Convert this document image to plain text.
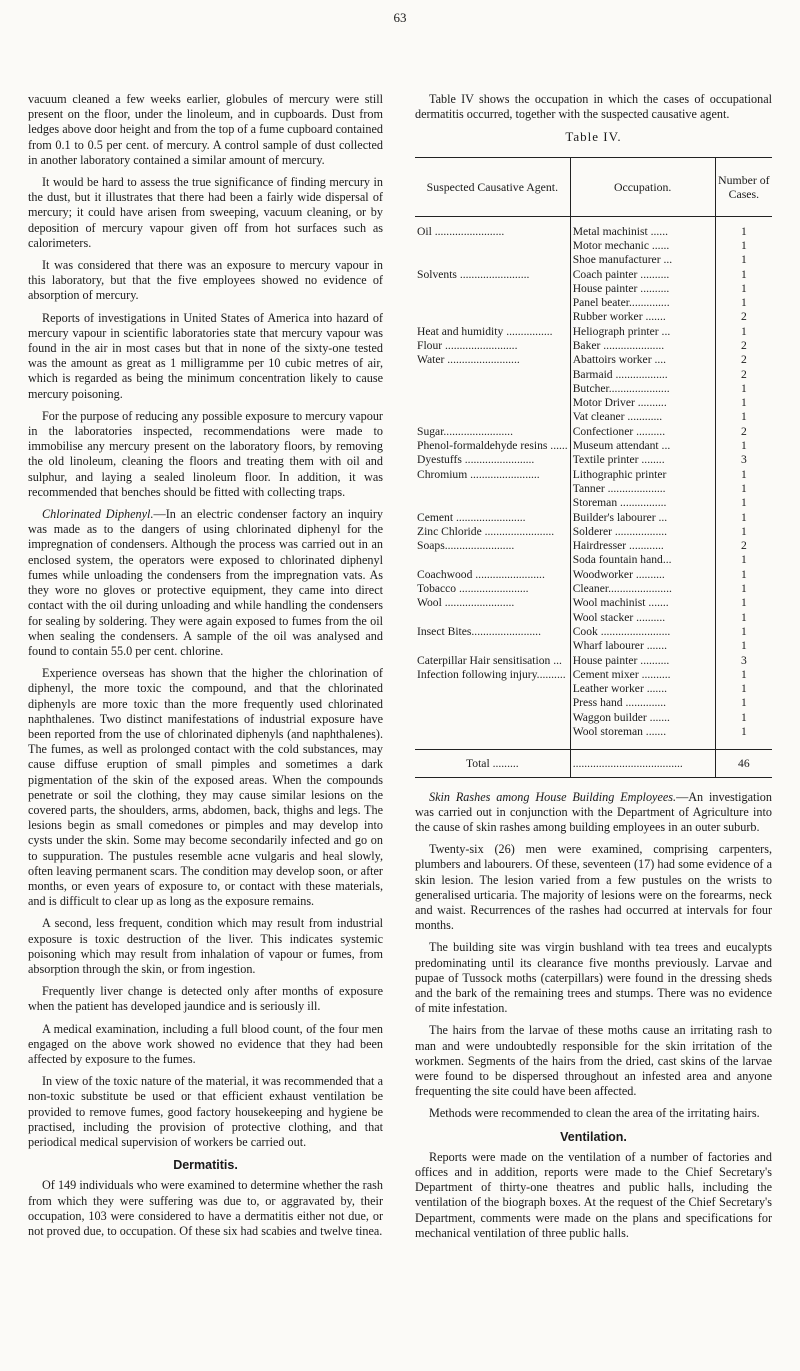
63

vacuum cleaned a few weeks earlier, globules of mercury were still present on the floor, under the linoleum, and in cupboards. Dust from ledges above door height and from the top of a fume cupboard contained from 0.1 to 0.5 per cent. of mercury. A control sample of dust collected in another laboratory contained a similar amount of mercury.

It would be hard to assess the true significance of finding mercury in the dust, but it illustrates that there had been a fairly wide dispersal of mercury; it could have arisen from sweeping, vacuum cleaning, or by deposition of mercury vapour given off from hot surfaces such as calorimeters.

It was considered that there was an exposure to mercury vapour in this laboratory, but that the five employees showed no evidence of absorption of mercury.

Reports of investigations in United States of America into hazard of mercury vapour in scientific laboratories state that mercury vapour was found in the air in most cases but that in none of the sixty-one tested was the amount as great as 1 milligramme per 10 cubic metres of air, which is regarded as being the minimum concentration likely to cause mercury poisoning.

For the purpose of reducing any possible exposure to mercury vapour in the laboratories inspected, recommendations were made to immobilise any mercury present on the laboratory floors, by removing the old linoleum, cleaning the floors and treating them with oil and sulphur, and laying a sealed linoleum floor. In addition, it was recommended that benches should be fitted with collecting traps.

Chlorinated Diphenyl.—In an electric condenser factory an inquiry was made as to the dangers of using chlorinated diphenyl for the impregnation of condensers. Although the process was carried out in an enclosed system, the operators were exposed to chlorinated diphenyl fumes while unloading the condensers from the impregnation vats. As they wore no gloves or protective equipment, they came into direct contact with the oil during unloading and while handling the condensers for sealing by soldering. They were again exposed to fumes from the oil when sealing the condensers. A sample of the oil was analysed and found to contain 55.0 per cent. chlorine.

Experience overseas has shown that the higher the chlorination of diphenyl, the more toxic the compound, and that the chlorinated diphenyls are more toxic than the more frequently used chlorinated naphthalenes. Two distinct manifestations of industrial exposure have been reported from the use of chlorinated diphenyls (and naphthalenes). The fumes, as well as prolonged contact with the cold substances, may cause diffuse eruption of small pimples and sometimes a dark pigmentation of the skin of the exposed areas. When the compounds penetrate or soil the clothing, they may cause similar lesions on the covered parts, the shoulders, arms, abdomen, back, thighs and legs. The lesions begin as small comedones or pimples and may develop into cysts under the skin. Some may become secondarily infected and go on to suppuration. The pustules resemble acne vulgaris and heal slowly, often leaving permanent scars. The condition may develop soon, or after months, or even years of exposure to, or contact with these materials, and is difficult to clear up as long as the exposure remains.

A second, less frequent, condition which may result from industrial exposure is toxic destruction of the liver. This indicates systemic poisoning which may result from inhalation of vapour or fumes, from absorption through the skin, or from ingestion.

Frequently liver change is detected only after months of exposure when the patient has developed jaundice and is seriously ill.

A medical examination, including a full blood count, of the four men engaged on the above work showed no evidence that they had been affected by exposure to the fumes.

In view of the toxic nature of the material, it was recommended that a non-toxic substitute be used or that efficient exhaust ventilation be provided to remove fumes, good factory housekeeping and hygiene be practised, including the provision of protective clothing, and that periodical medical supervision of workers be carried out.

Dermatitis.

Of 149 individuals who were examined to determine whether the rash from which they were suffering was due to, or aggravated by, their occupation, 103 were considered to have a dermatitis either not due, or not proved due, to occupation. Of these six had scabies and twelve tinea.

Table IV shows the occupation in which the cases of occupational dermatitis occurred, together with the suspected causative agent.

Table IV.
Suspected Causative Agent.	Occupation.	Number of Cases.
Oil ........................	Metal machinist ......	1
	Motor mechanic ......	1
	Shoe manufacturer ...	1
Solvents ........................	Coach painter ..........	1
	House painter ..........	1
	Panel beater..............	1
	Rubber worker .......	2
Heat and humidity ................	Heliograph printer ...	1
Flour .........................	Baker .....................	2
Water .........................	Abattoirs worker ....	2
	Barmaid ..................	2
	Butcher.....................	1
	Motor Driver ..........	1
	Vat cleaner ............	1
Sugar........................	Confectioner ..........	2
Phenol-formaldehyde resins ......	Museum attendant ...	1
Dyestuffs ........................	Textile printer ........	3
Chromium ........................	Lithographic printer	1
	Tanner ....................	1
	Storeman ................	1
Cement ........................	Builder's labourer ...	1
Zinc Chloride ........................	Solderer ..................	1
Soaps........................	Hairdresser ............	2
	Soda fountain hand...	1
Coachwood ........................	Woodworker ..........	1
Tobacco ........................	Cleaner......................	1
Wool ........................	Wool machinist .......	1
	Wool stacker ..........	1
Insect Bites........................	Cook ........................	1
	Wharf labourer .......	1
Caterpillar Hair sensitisation ...	House painter ..........	3
Infection following injury..........	Cement mixer ..........	1
	Leather worker .......	1
	Press hand ..............	1
	Waggon builder .......	1
	Wool storeman .......	1

Total .........	......................................	46

Skin Rashes among House Building Employees.—An investigation was carried out in conjunction with the Department of Agriculture into the cause of skin rashes among building employees in an outer suburb.

Twenty-six (26) men were examined, comprising carpenters, plumbers and labourers. Of these, seventeen (17) had some evidence of a skin lesion. The lesion varied from a few pustules on the wrists to generalised urticaria. The majority of lesions were on the forearms, neck and waist. Recurrences of the rashes had occurred at intervals for four months.

The building site was virgin bushland with tea trees and eucalypts predominating until its clearance five months previously. Larvae and pupae of Tussock moths (caterpillars) were found in the dressing sheds and the bark of the remaining trees and stumps. There was no evidence of mite infestation.

The hairs from the larvae of these moths cause an irritating rash to man and were undoubtedly responsible for the skin irritation of the workmen. Segments of the hairs from the dried, cast skins of the larvae were found to be dispersed throughout an infested area and anyone frequenting the site could have been affected.

Methods were recommended to clean the area of the irritating hairs.

Ventilation.

Reports were made on the ventilation of a number of factories and offices and in addition, reports were made to the Chief Secretary's Department of thirty-one theatres and public halls, including the ventilation of the biograph boxes. At the request of the Chief Secretary's Department, comments were made on the plans and specifications for mechanical ventilation of three public halls.
